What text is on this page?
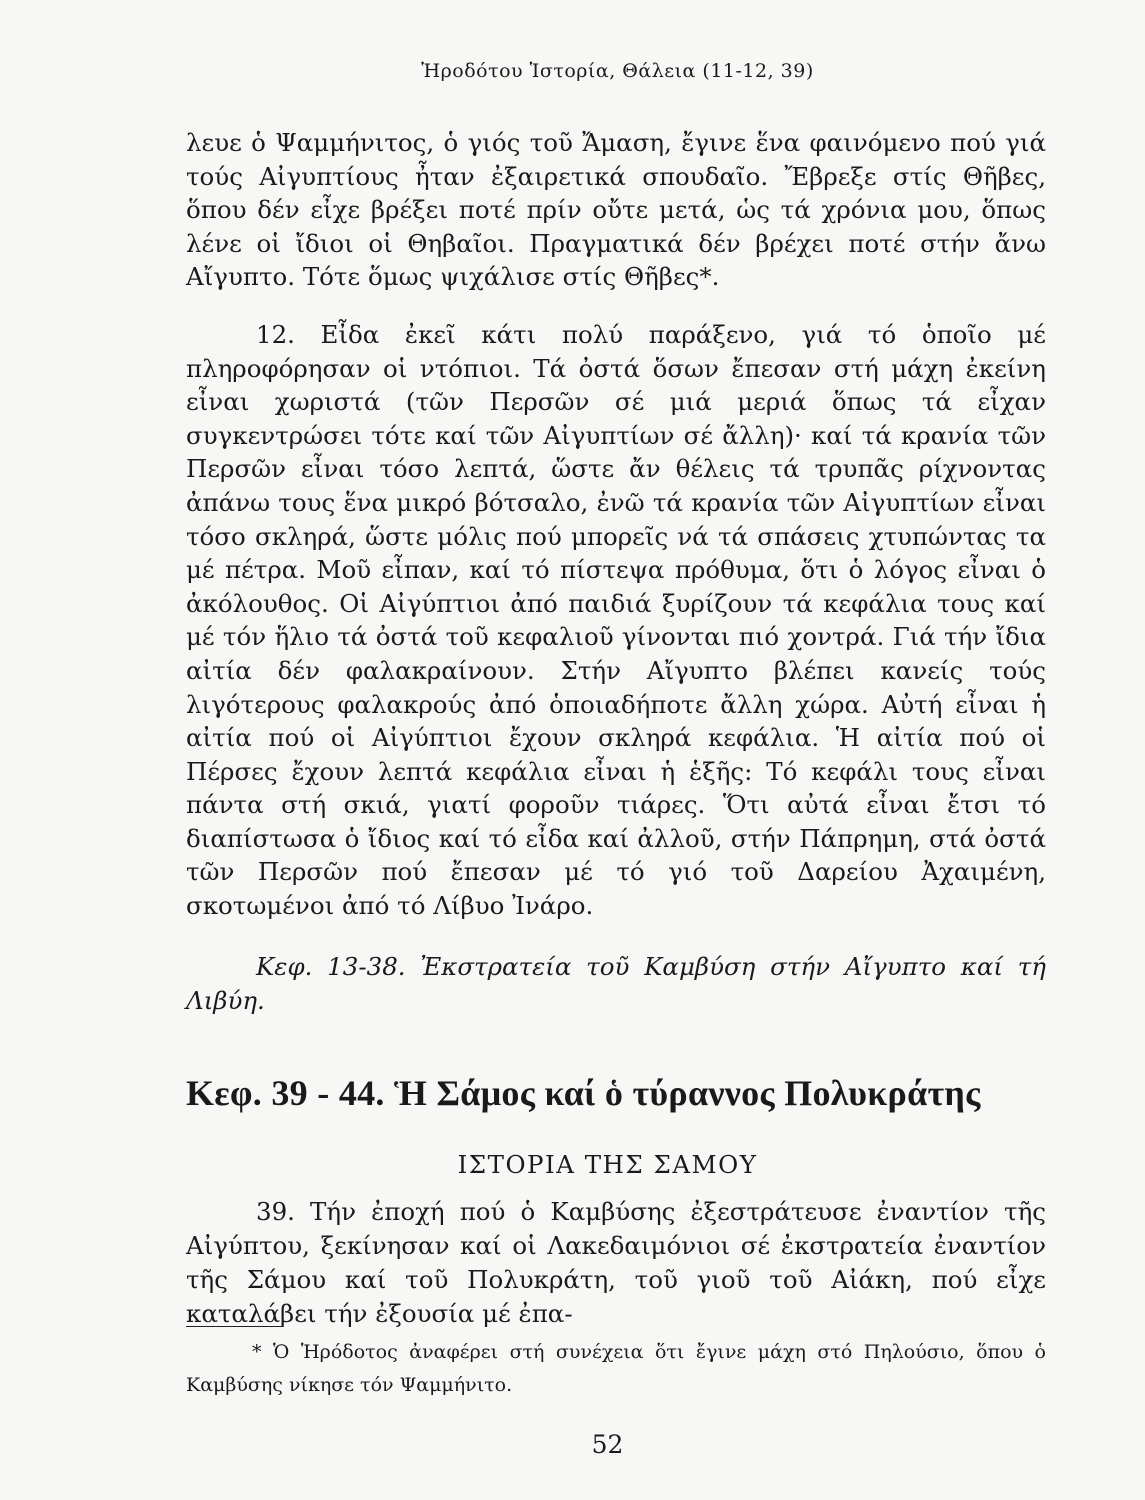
Ἡροδότου Ἱστορία, Θάλεια (11-12, 39)

λευε ὁ Ψαμμήνιτος, ὁ γιός τοῦ Ἄμαση, ἔγινε ἕνα φαινόμενο πού γιά τούς Αἰγυπτίους ἦταν ἐξαιρετικά σπουδαῖο. Ἔβρεξε στίς Θῆβες, ὅπου δέν εἶχε βρέξει ποτέ πρίν οὔτε μετά, ὡς τά χρόνια μου, ὅπως λένε οἱ ἴδιοι οἱ Θηβαῖοι. Πραγματικά δέν βρέχει ποτέ στήν ἄνω Αἴγυπτο. Τότε ὅμως ψιχάλισε στίς Θῆβες*.

12. Εἶδα ἐκεῖ κάτι πολύ παράξενο, γιά τό ὁποῖο μέ πληροφόρησαν οἱ ντόπιοι. Τά ὀστά ὅσων ἔπεσαν στή μάχη ἐκείνη εἶναι χωριστά (τῶν Περσῶν σέ μιά μεριά ὅπως τά εἶχαν συγκεντρώσει τότε καί τῶν Αἰγυπτίων σέ ἄλλη)· καί τά κρανία τῶν Περσῶν εἶναι τόσο λεπτά, ὥστε ἄν θέλεις τά τρυπᾶς ρίχνοντας ἀπάνω τους ἕνα μικρό βότσαλο, ἐνῶ τά κρανία τῶν Αἰγυπτίων εἶναι τόσο σκληρά, ὥστε μόλις πού μπορεῖς νά τά σπάσεις χτυπώντας τα μέ πέτρα. Μοῦ εἶπαν, καί τό πίστεψα πρόθυμα, ὅτι ὁ λόγος εἶναι ὁ ἀκόλουθος. Οἱ Αἰγύπτιοι ἀπό παιδιά ξυρίζουν τά κεφάλια τους καί μέ τόν ἥλιο τά ὀστά τοῦ κεφαλιοῦ γίνονται πιό χοντρά. Γιά τήν ἴδια αἰτία δέν φαλακραίνουν. Στήν Αἴγυπτο βλέπει κανείς τούς λιγότερους φαλακρούς ἀπό ὁποιαδήποτε ἄλλη χώρα. Αὐτή εἶναι ἡ αἰτία πού οἱ Αἰγύπτιοι ἔχουν σκληρά κεφάλια. Ἡ αἰτία πού οἱ Πέρσες ἔχουν λεπτά κεφάλια εἶναι ἡ ἑξῆς: Τό κεφάλι τους εἶναι πάντα στή σκιά, γιατί φοροῦν τιάρες. Ὅτι αὐτά εἶναι ἔτσι τό διαπίστωσα ὁ ἴδιος καί τό εἶδα καί ἀλλοῦ, στήν Πάπρημη, στά ὀστά τῶν Περσῶν πού ἔπεσαν μέ τό γιό τοῦ Δαρείου Ἀχαιμένη, σκοτωμένοι ἀπό τό Λίβυο Ἰνάρο.

Κεφ. 13-38. Ἐκστρατεία τοῦ Καμβύση στήν Αἴγυπτο καί τή Λιβύη.
Κεφ. 39 - 44. Ἡ Σάμος καί ὁ τύραννος Πολυκράτης
ΙΣΤΟΡΙΑ ΤΗΣ ΣΑΜΟΥ
39. Τήν ἐποχή πού ὁ Καμβύσης ἐξεστράτευσε ἐναντίον τῆς Αἰγύπτου, ξεκίνησαν καί οἱ Λακεδαιμόνιοι σέ ἐκστρατεία ἐναντίον τῆς Σάμου καί τοῦ Πολυκράτη, τοῦ γιοῦ τοῦ Αἰάκη, πού εἶχε καταλάβει τήν ἐξουσία μέ ἐπα-
* Ὁ Ἡρόδοτος ἀναφέρει στή συνέχεια ὅτι ἔγινε μάχη στό Πηλούσιο, ὅπου ὁ Καμβύσης νίκησε τόν Ψαμμήνιτο.
52
